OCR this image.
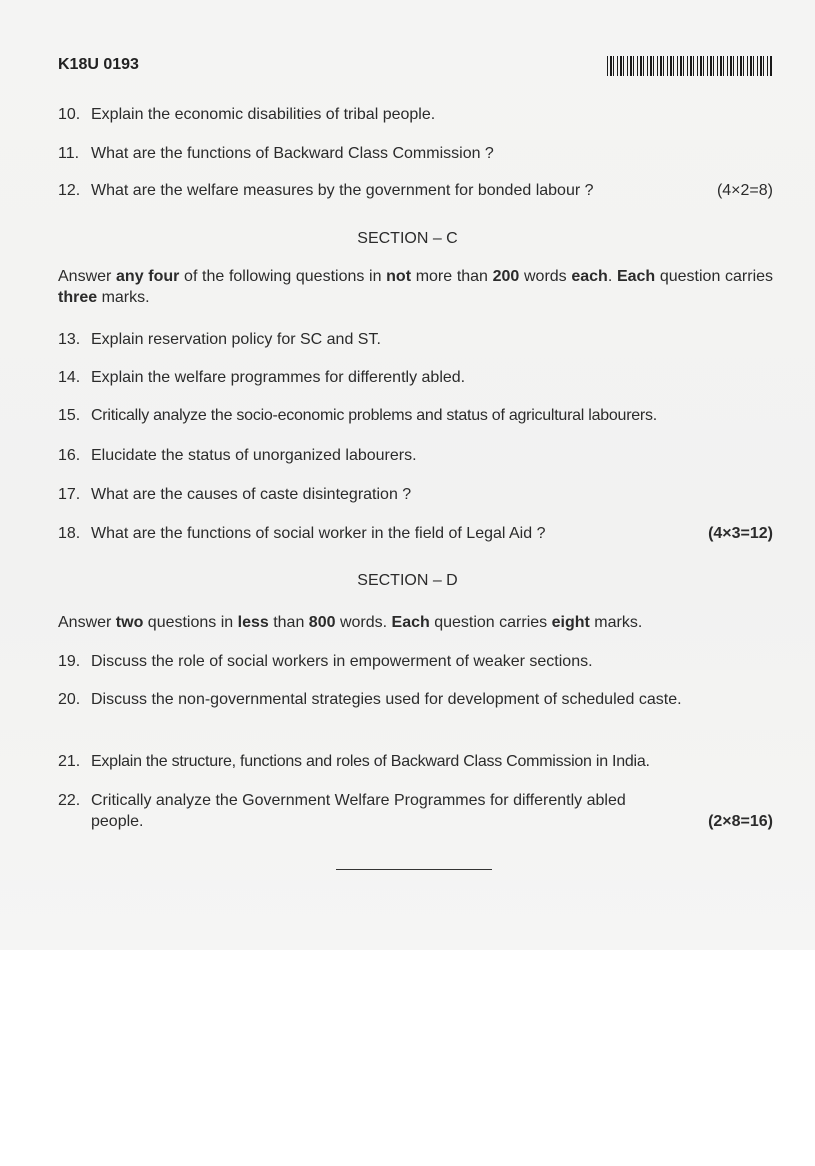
K18U 0193
10. Explain the economic disabilities of tribal people.
11. What are the functions of Backward Class Commission ?
12. What are the welfare measures by the government for bonded labour ?	(4×2=8)
SECTION – C
Answer any four of the following questions in not more than 200 words each. Each question carries three marks.
13. Explain reservation policy for SC and ST.
14. Explain the welfare programmes for differently abled.
15. Critically analyze the socio-economic problems and status of agricultural labourers.
16. Elucidate the status of unorganized labourers.
17. What are the causes of caste disintegration ?
18. What are the functions of social worker in the field of Legal Aid ?	(4×3=12)
SECTION – D
Answer two questions in less than 800 words. Each question carries eight marks.
19. Discuss the role of social workers in empowerment of weaker sections.
20. Discuss the non-governmental strategies used for development of scheduled caste.
21. Explain the structure, functions and roles of Backward Class Commission in India.
22. Critically analyze the Government Welfare Programmes for differently abled people.	(2×8=16)
